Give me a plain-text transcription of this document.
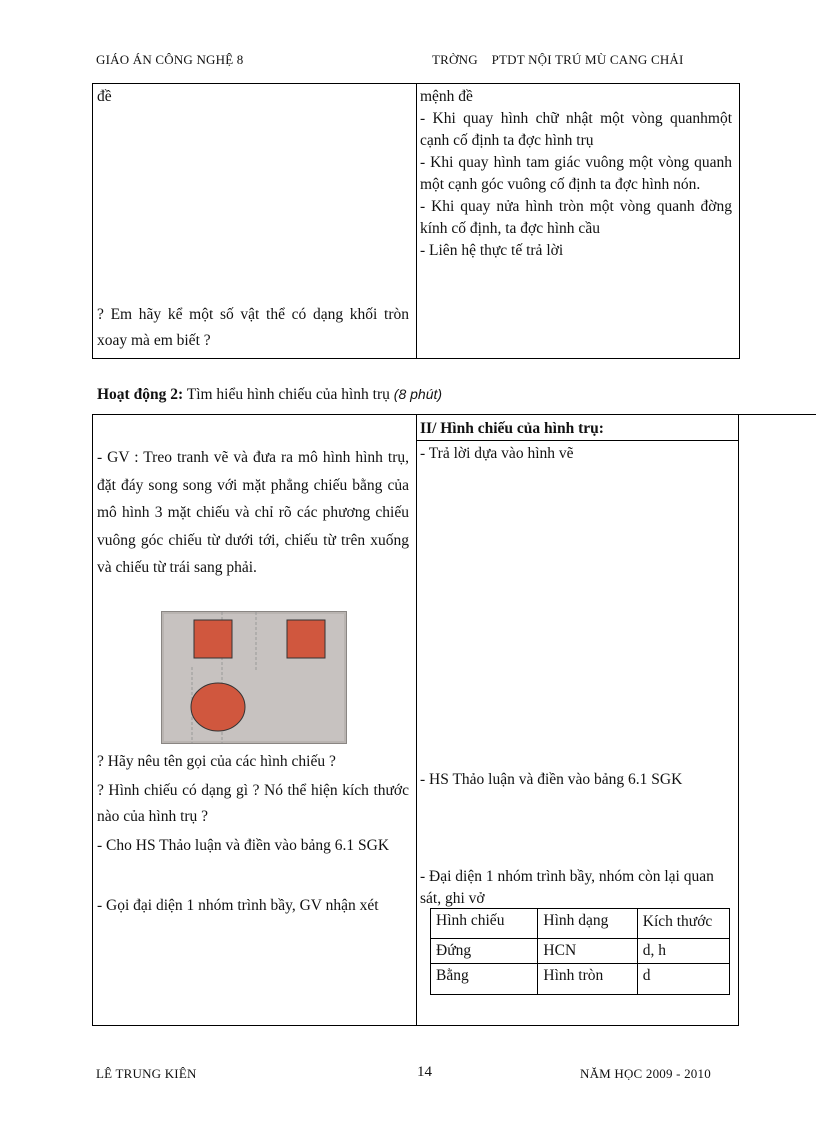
GIÁO ÁN CÔNG NGHỆ 8	TRỜNG    PTDT NỘI TRÚ MÙ CANG CHẢI
đề
? Em hãy kể một số vật thể có dạng khối tròn xoay mà em biết ?

mệnh đề

- Khi quay hình chữ nhật một vòng quanhmột cạnh cố định ta đợc hình trụ

- Khi quay hình tam giác vuông một vòng quanh một cạnh góc vuông cố định ta đợc hình nón.

- Khi quay nửa hình tròn một vòng quanh đờng kính cố định, ta đợc hình cầu

- Liên hệ thực tế trả lời

Hoạt động 2: Tìm hiểu hình chiếu của hình trụ (8 phút)
- GV : Treo tranh vẽ và đưa ra mô hình hình trụ, đặt đáy song song với mặt phẳng chiếu bằng của mô hình 3 mặt chiếu và chỉ rõ các phương chiếu vuông góc chiếu từ dưới tới, chiếu từ trên xuống và chiếu từ trái sang phải.
? Hãy nêu tên gọi của các hình chiếu ?
? Hình chiếu có dạng gì ? Nó thể hiện kích thước nào của hình trụ ?
- Cho HS Thảo luận và điền vào bảng 6.1 SGK
- Gọi đại diện 1 nhóm trình bầy, GV nhận xét
II/ Hình chiếu của hình trụ:
- Trả lời dựa vào hình vẽ
- HS Thảo luận và điền vào bảng 6.1 SGK
- Đại diện 1 nhóm trình bầy, nhóm còn lại quan sát, ghi vở
Hình chiếu	Hình dạng	Kích thước
Đứng	HCN	d, h
Bằng	Hình tròn	d
LÊ TRUNG KIÊN	14	NĂM HỌC 2009 - 2010
